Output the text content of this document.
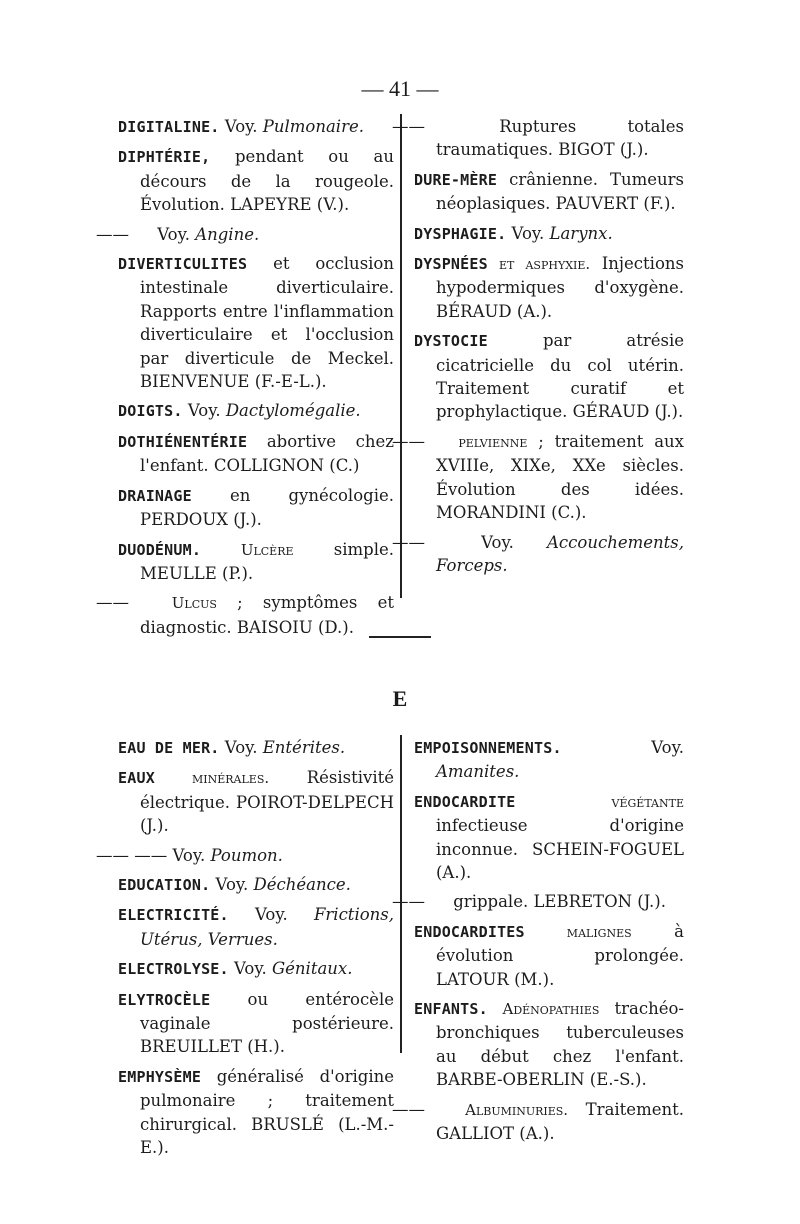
— 41 —

DIGITALINE. Voy. Pulmonaire.

DIPHTÉRIE, pendant ou au décours de la rougeole. Évolution. LAPEYRE (V.).

—— Voy. Angine.

DIVERTICULITES et occlusion intestinale diverticulaire. Rapports entre l'inflammation diverticulaire et l'occlusion par diverticule de Meckel. BIENVENUE (F.-E-L.).

DOIGTS. Voy. Dactylomégalie.

DOTHIÉNENTÉRIE abortive chez l'enfant. COLLIGNON (C.)

DRAINAGE en gynécologie. PERDOUX (J.).

DUODÉNUM. Ulcère simple. MEULLE (P.).

—— Ulcus ; symptômes et diagnostic. BAISOIU (D.).

—— Ruptures totales traumatiques. BIGOT (J.).

DURE-MÈRE crânienne. Tumeurs néoplasiques. PAUVERT (F.).

DYSPHAGIE. Voy. Larynx.

DYSPNÉES et asphyxie. Injections hypodermiques d'oxygène. BÉRAUD (A.).

DYSTOCIE par atrésie cicatricielle du col utérin. Traitement curatif et prophylactique. GÉRAUD (J.).

—— pelvienne ; traitement aux XVIIIe, XIXe, XXe siècles. Évolution des idées. MORANDINI (C.).

—— Voy. Accouchements, Forceps.

E

EAU DE MER. Voy. Entérites.

EAUX minérales. Résistivité électrique. POIROT-DELPECH (J.).

—— —— Voy. Poumon.

EDUCATION. Voy. Déchéance.

ELECTRICITÉ. Voy. Frictions, Utérus, Verrues.

ELECTROLYSE. Voy. Génitaux.

ELYTROCÈLE ou entérocèle vaginale postérieure. BREUILLET (H.).

EMPHYSÈME généralisé d'origine pulmonaire ; traitement chirurgical. BRUSLÉ (L.-M.-E.).

EMPOISONNEMENTS. Voy. Amanites.

ENDOCARDITE végétante infectieuse d'origine inconnue. SCHEIN-FOGUEL (A.).

—— grippale. LEBRETON (J.).

ENDOCARDITES malignes à évolution prolongée. LATOUR (M.).

ENFANTS. Adénopathies trachéo-bronchiques tuberculeuses au début chez l'enfant. BARBE-OBERLIN (E.-S.).

—— Albuminuries. Traitement. GALLIOT (A.).
